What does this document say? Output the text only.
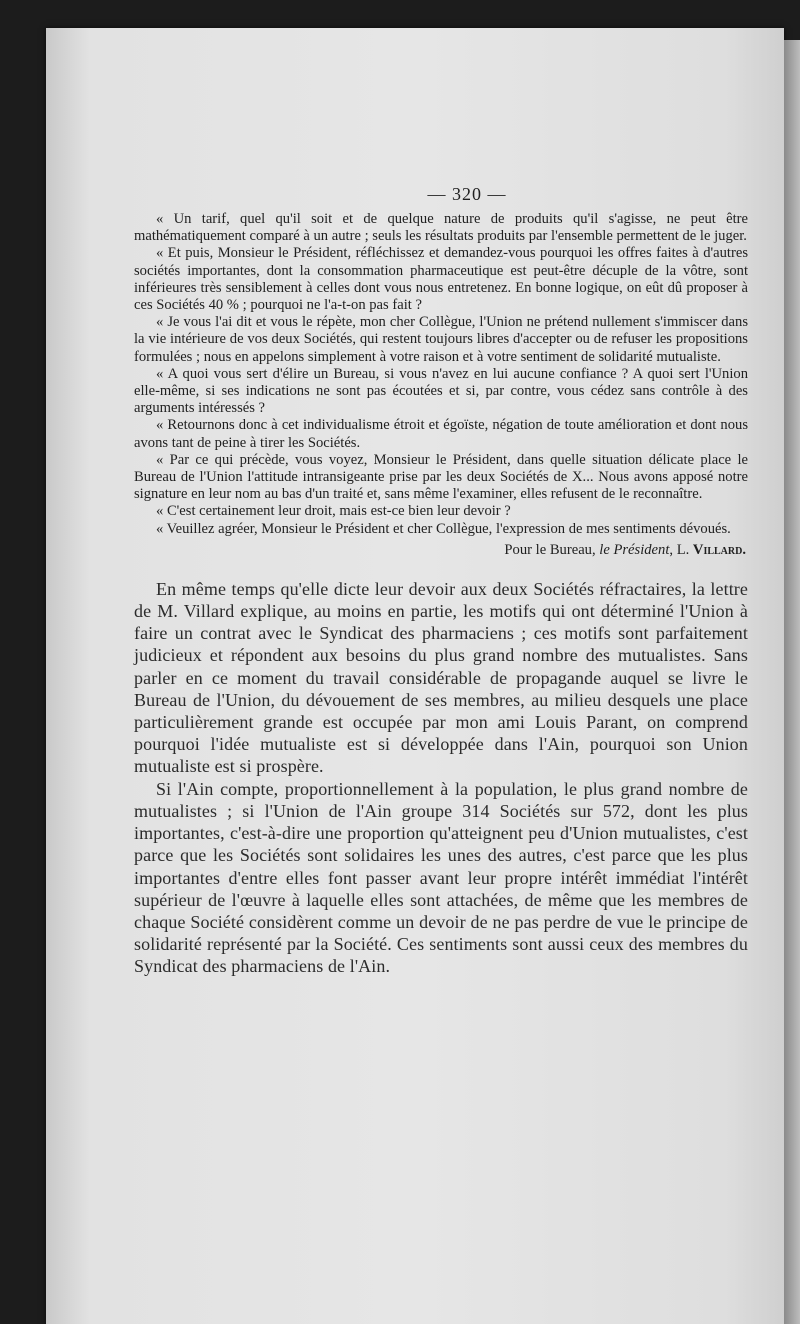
— 320 —

« Un tarif, quel qu'il soit et de quelque nature de produits qu'il s'agisse, ne peut être mathématiquement comparé à un autre ; seuls les résultats produits par l'ensemble permettent de le juger.

« Et puis, Monsieur le Président, réfléchissez et demandez-vous pourquoi les offres faites à d'autres sociétés importantes, dont la consommation pharmaceutique est peut-être décuple de la vôtre, sont inférieures très sensiblement à celles dont vous nous entretenez. En bonne logique, on eût dû proposer à ces Sociétés 40 % ; pourquoi ne l'a-t-on pas fait ?

« Je vous l'ai dit et vous le répète, mon cher Collègue, l'Union ne prétend nullement s'immiscer dans la vie intérieure de vos deux Sociétés, qui restent toujours libres d'accepter ou de refuser les propositions formulées ; nous en appelons simplement à votre raison et à votre sentiment de solidarité mutualiste.

« A quoi vous sert d'élire un Bureau, si vous n'avez en lui aucune confiance ? A quoi sert l'Union elle-même, si ses indications ne sont pas écoutées et si, par contre, vous cédez sans contrôle à des arguments intéressés ?

« Retournons donc à cet individualisme étroit et égoïste, négation de toute amélioration et dont nous avons tant de peine à tirer les Sociétés.

« Par ce qui précède, vous voyez, Monsieur le Président, dans quelle situation délicate place le Bureau de l'Union l'attitude intransigeante prise par les deux Sociétés de X... Nous avons apposé notre signature en leur nom au bas d'un traité et, sans même l'examiner, elles refusent de le reconnaître.

« C'est certainement leur droit, mais est-ce bien leur devoir ?

« Veuillez agréer, Monsieur le Président et cher Collègue, l'expression de mes sentiments dévoués.

Pour le Bureau, le Président, L. Villard.

En même temps qu'elle dicte leur devoir aux deux Sociétés réfractaires, la lettre de M. Villard explique, au moins en partie, les motifs qui ont déterminé l'Union à faire un contrat avec le Syndicat des pharmaciens ; ces motifs sont parfaitement judicieux et répondent aux besoins du plus grand nombre des mutualistes. Sans parler en ce moment du travail considérable de propagande auquel se livre le Bureau de l'Union, du dévouement de ses membres, au milieu desquels une place particulièrement grande est occupée par mon ami Louis Parant, on comprend pourquoi l'idée mutualiste est si développée dans l'Ain, pourquoi son Union mutualiste est si prospère.

Si l'Ain compte, proportionnellement à la population, le plus grand nombre de mutualistes ; si l'Union de l'Ain groupe 314 Sociétés sur 572, dont les plus importantes, c'est-à-dire une proportion qu'atteignent peu d'Union mutualistes, c'est parce que les Sociétés sont solidaires les unes des autres, c'est parce que les plus importantes d'entre elles font passer avant leur propre intérêt immédiat l'intérêt supérieur de l'œuvre à laquelle elles sont attachées, de même que les membres de chaque Société considèrent comme un devoir de ne pas perdre de vue le principe de solidarité représenté par la Société. Ces sentiments sont aussi ceux des membres du Syndicat des pharmaciens de l'Ain.
